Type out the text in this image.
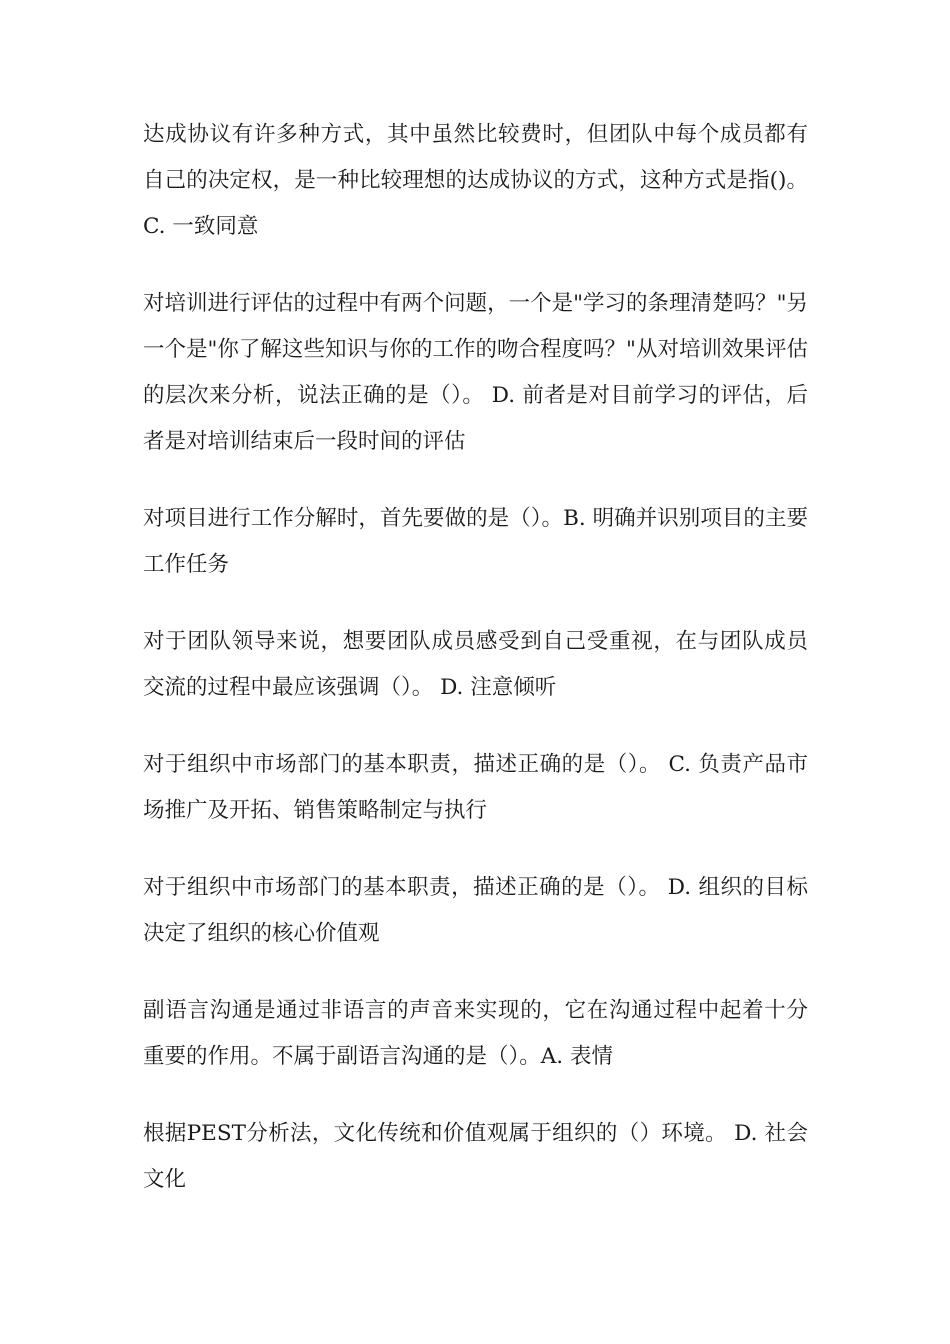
达成协议有许多种方式，其中虽然比较费时，但团队中每个成员都有自己的决定权，是一种比较理想的达成协议的方式，这种方式是指()。C. 一致同意

对培训进行评估的过程中有两个问题，一个是"学习的条理清楚吗？"另一个是"你了解这些知识与你的工作的吻合程度吗？"从对培训效果评估的层次来分析，说法正确的是（）。 D. 前者是对目前学习的评估，后者是对培训结束后一段时间的评估

对项目进行工作分解时，首先要做的是（）。B. 明确并识别项目的主要工作任务

对于团队领导来说，想要团队成员感受到自己受重视，在与团队成员交流的过程中最应该强调（）。 D. 注意倾听

对于组织中市场部门的基本职责，描述正确的是（）。 C. 负责产品市场推广及开拓、销售策略制定与执行

对于组织中市场部门的基本职责，描述正确的是（）。 D. 组织的目标决定了组织的核心价值观

副语言沟通是通过非语言的声音来实现的，它在沟通过程中起着十分重要的作用。不属于副语言沟通的是（）。A. 表情

根据PEST分析法，文化传统和价值观属于组织的（）环境。 D. 社会文化
